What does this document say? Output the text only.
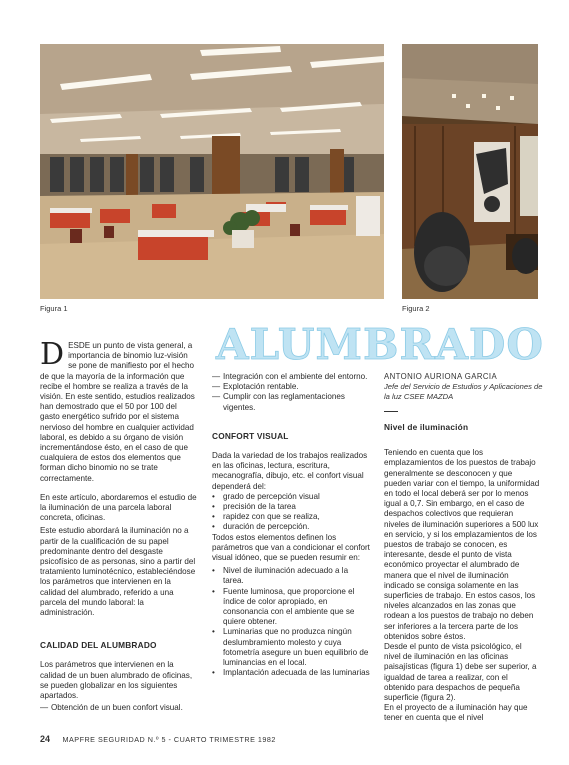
Figura 1	Figura 2
ALUMBRADO

D ESDE un punto de vista general, a importancia de binomio luz-visión se pone de manifiesto por el hecho de que la mayoría de la información que recibe el hombre se realiza a través de la visión. En este sentido, estudios realizados han demostrado que el 50 por 100 del gasto energético sufrido por el sistema nervioso del hombre en cualquier actividad laboral, es debido a su órgano de visión incrementándose ésto, en el caso de que cualquiera de estos dos elementos que forman dicho binomio no se trate correctamente.

En este artículo, abordaremos el estudio de la iluminación de una parcela laboral concreta, oficinas.

Este estudio abordará la iluminación no a partir de la cualificación de su papel predominante dentro del desgaste psicofísico de as personas, sino a partir del tratamiento luminotécnico, estableciéndose los parámetros que intervienen en la calidad del alumbrado, referido a una parcela del mundo laboral: la administración.

CALIDAD DEL ALUMBRADO

Los parámetros que intervienen en la calidad de un buen alumbrado de oficinas, se pueden globalizar en los siguientes apartados.

— Obtención de un buen confort visual.
— Integración con el ambiente del entorno.
— Explotación rentable.
— Cumplir con las reglamentaciones vigentes.
CONFORT VISUAL

Dada la variedad de los trabajos realizados en las oficinas, lectura, escritura, mecanografía, dibujo, etc. el confort visual dependerá del:

•	grado de percepción visual
•	precisión de la tarea
•	rapidez con que se realiza,
•	duración de percepción.

Todos estos elementos definen los parámetros que van a condicionar el confort visual idóneo, que se pueden resumir en:

•	Nivel de iluminación adecuado a la tarea.
•	Fuente luminosa, que proporcione el índice de color apropiado, en consonancia con el ambiente que se quiere obtener.
•	Luminarias que no produzca ningún deslumbramiento molesto y cuya fotometría asegure un buen equilibrio de luminancias en el local.
•	Implantación adecuada de las luminarias
ANTONIO AURIONA GARCIA
Jefe del Servicio de Estudios y Aplicaciones de la luz CSEE MAZDA
Nivel de iluminación

Teniendo en cuenta que los emplazamientos de los puestos de trabajo generalmente se desconocen y que pueden variar con el tiempo, la uniformidad en todo el local deberá ser por lo menos igual a 0,7. Sin embargo, en el caso de despachos colectivos que requieran niveles de iluminación superiores a 500 lux en servicio, y si los emplazamientos de los puestos de trabajo se conocen, es interesante, desde el punto de vista económico proyectar el alumbrado de manera que el nivel de iluminación indicado se consiga solamente en las superficies de trabajo. En estos casos, los niveles alcanzados en las zonas que rodean a los puestos de trabajo no deben ser inferiores a la tercera parte de los obtenidos sobre éstos.

Desde el punto de vista psicológico, el nivel de iluminación en las oficinas paisajísticas (figura 1) debe ser superior, a igualdad de tarea a realizar, con el obtenido para despachos de pequeña superficie (figura 2).

En el proyecto de a iluminación hay que tener en cuenta que el nivel

24 MAPFRE SEGURIDAD N.º 5 - CUARTO TRIMESTRE 1982
